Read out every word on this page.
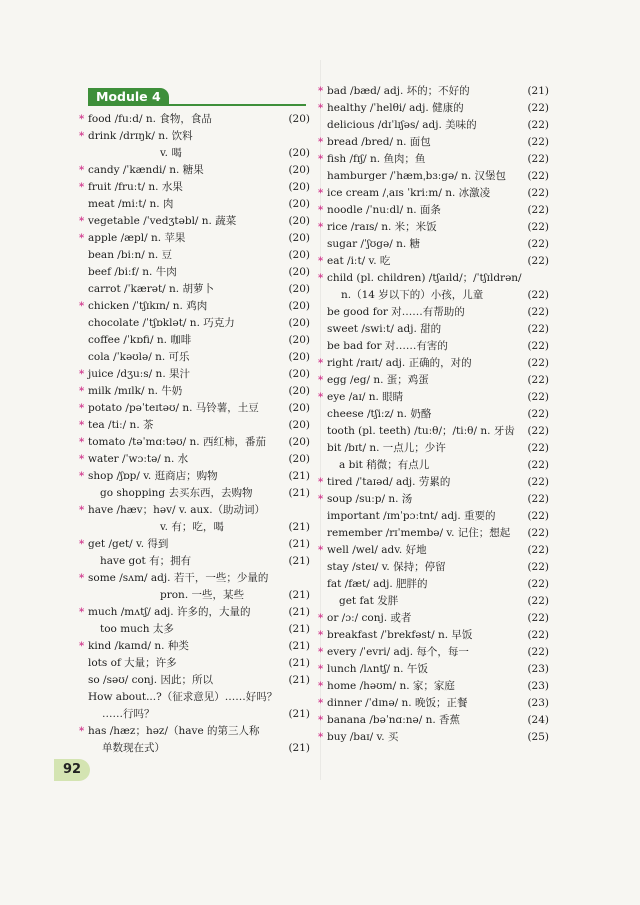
Module 4
* food /fuːd/ n. 食物，食品	(20)
* drink /drɪŋk/ n. 饮料
v. 喝	(20)
* candy /ˈkændi/ n. 糖果	(20)
* fruit /fruːt/ n. 水果	(20)
meat /miːt/ n. 肉	(20)
* vegetable /ˈvedʒtəbl/ n. 蔬菜	(20)
* apple /æpl/ n. 苹果	(20)
bean /biːn/ n. 豆	(20)
beef /biːf/ n. 牛肉	(20)
carrot /ˈkærət/ n. 胡萝卜	(20)
* chicken /ˈtʃɪkɪn/ n. 鸡肉	(20)
chocolate /ˈtʃɒklət/ n. 巧克力	(20)
coffee /ˈkɒfi/ n. 咖啡	(20)
cola /ˈkəʊlə/ n. 可乐	(20)
* juice /dʒuːs/ n. 果汁	(20)
* milk /mɪlk/ n. 牛奶	(20)
* potato /pəˈteɪtəʊ/ n. 马铃薯，土豆	(20)
* tea /tiː/ n. 茶	(20)
* tomato /təˈmɑːtəʊ/ n. 西红柿，番茄 (20)
* water /ˈwɔːtə/ n. 水	(20)
* shop /ʃɒp/ v. 逛商店；购物	(21)
go shopping 去买东西，去购物	(21)
* have /hæv；həv/ v. aux.（助动词）
v. 有；吃，喝	(21)
* get /get/ v. 得到	(21)
have got 有；拥有	(21)
* some /sʌm/ adj. 若干，一些；少量的
pron. 一些，某些	(21)
* much /mʌtʃ/ adj. 许多的，大量的	(21)
too much 太多	(21)
* kind /kaɪnd/ n. 种类	(21)
lots of 大量；许多	(21)
so /səʊ/ conj. 因此；所以	(21)
How about...?（征求意见）……好吗？
……行吗？	(21)
* has /hæz；həz/（have 的第三人称
单数现在式）	(21)
* bad /bæd/ adj. 坏的；不好的	(21)
* healthy /ˈhelθi/ adj. 健康的	(22)
delicious /dɪˈlɪʃəs/ adj. 美味的	(22)
* bread /bred/ n. 面包	(22)
* fish /fɪʃ/ n. 鱼肉；鱼	(22)
hamburger /ˈhæmˌbɜːgə/ n. 汉堡包 (22)
* ice cream /ˌaɪs ˈkriːm/ n. 冰激凌	(22)
* noodle /ˈnuːdl/ n. 面条	(22)
* rice /raɪs/ n. 米；米饭	(22)
sugar /ˈʃʊgə/ n. 糖	(22)
* eat /iːt/ v. 吃	(22)
* child (pl. children) /tʃaɪld/；/ˈtʃɪldrən/
n.（14 岁以下的）小孩，儿童	(22)
be good for 对……有帮助的	(22)
sweet /swiːt/ adj. 甜的	(22)
be bad for 对……有害的	(22)
* right /raɪt/ adj. 正确的，对的	(22)
* egg /eg/ n. 蛋；鸡蛋	(22)
* eye /aɪ/ n. 眼睛	(22)
cheese /tʃiːz/ n. 奶酪	(22)
tooth (pl. teeth) /tuːθ/；/tiːθ/ n. 牙齿 (22)
bit /bɪt/ n. 一点儿；少许	(22)
a bit 稍微；有点儿	(22)
* tired /ˈtaɪəd/ adj. 劳累的	(22)
* soup /suːp/ n. 汤	(22)
important /ɪmˈpɔːtnt/ adj. 重要的	(22)
remember /rɪˈmembə/ v. 记住；想起 (22)
* well /wel/ adv. 好地	(22)
stay /steɪ/ v. 保持；停留	(22)
fat /fæt/ adj. 肥胖的	(22)
get fat 发胖	(22)
* or /ɔː/ conj. 或者	(22)
* breakfast /ˈbrekfəst/ n. 早饭	(22)
* every /ˈevri/ adj. 每个，每一	(22)
* lunch /lʌntʃ/ n. 午饭	(23)
* home /həʊm/ n. 家；家庭	(23)
* dinner /ˈdɪnə/ n. 晚饭；正餐	(23)
* banana /bəˈnɑːnə/ n. 香蕉	(24)
* buy /baɪ/ v. 买	(25)
92
